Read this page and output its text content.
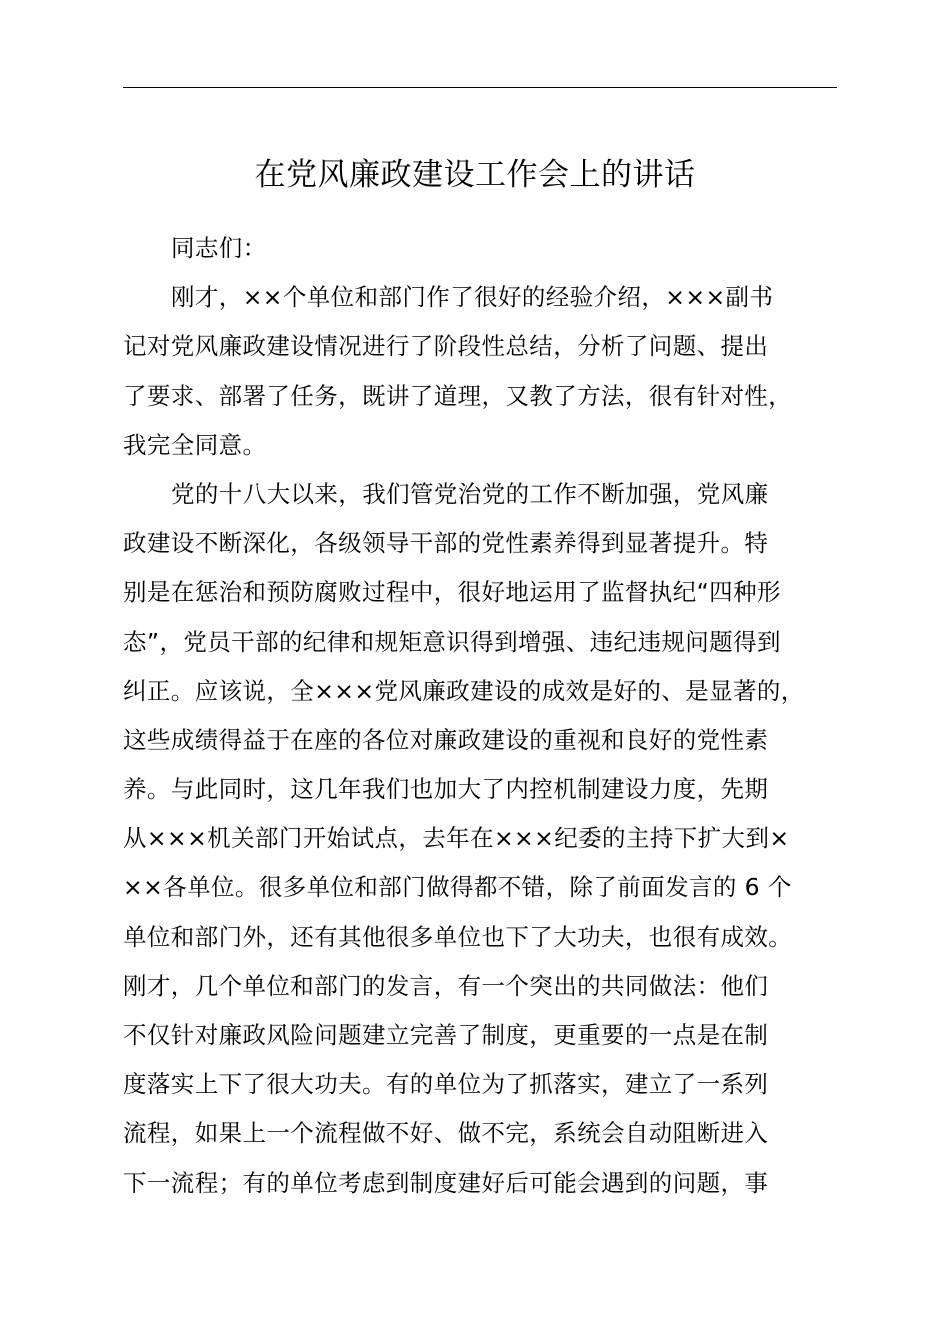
在党风廉政建设工作会上的讲话
同志们：
刚才，××个单位和部门作了很好的经验介绍，×××副书
记对党风廉政建设情况进行了阶段性总结，分析了问题、提出
了要求、部署了任务，既讲了道理，又教了方法，很有针对性，
我完全同意。
党的十八大以来，我们管党治党的工作不断加强，党风廉
政建设不断深化，各级领导干部的党性素养得到显著提升。特
别是在惩治和预防腐败过程中，很好地运用了监督执纪“四种形
态”，党员干部的纪律和规矩意识得到增强、违纪违规问题得到
纠正。应该说，全×××党风廉政建设的成效是好的、是显著的，
这些成绩得益于在座的各位对廉政建设的重视和良好的党性素
养。与此同时，这几年我们也加大了内控机制建设力度，先期
从×××机关部门开始试点，去年在×××纪委的主持下扩大到×
××各单位。很多单位和部门做得都不错，除了前面发言的 6 个
单位和部门外，还有其他很多单位也下了大功夫，也很有成效。
刚才，几个单位和部门的发言，有一个突出的共同做法：他们
不仅针对廉政风险问题建立完善了制度，更重要的一点是在制
度落实上下了很大功夫。有的单位为了抓落实，建立了一系列
流程，如果上一个流程做不好、做不完，系统会自动阻断进入
下一流程；有的单位考虑到制度建好后可能会遇到的问题，事
